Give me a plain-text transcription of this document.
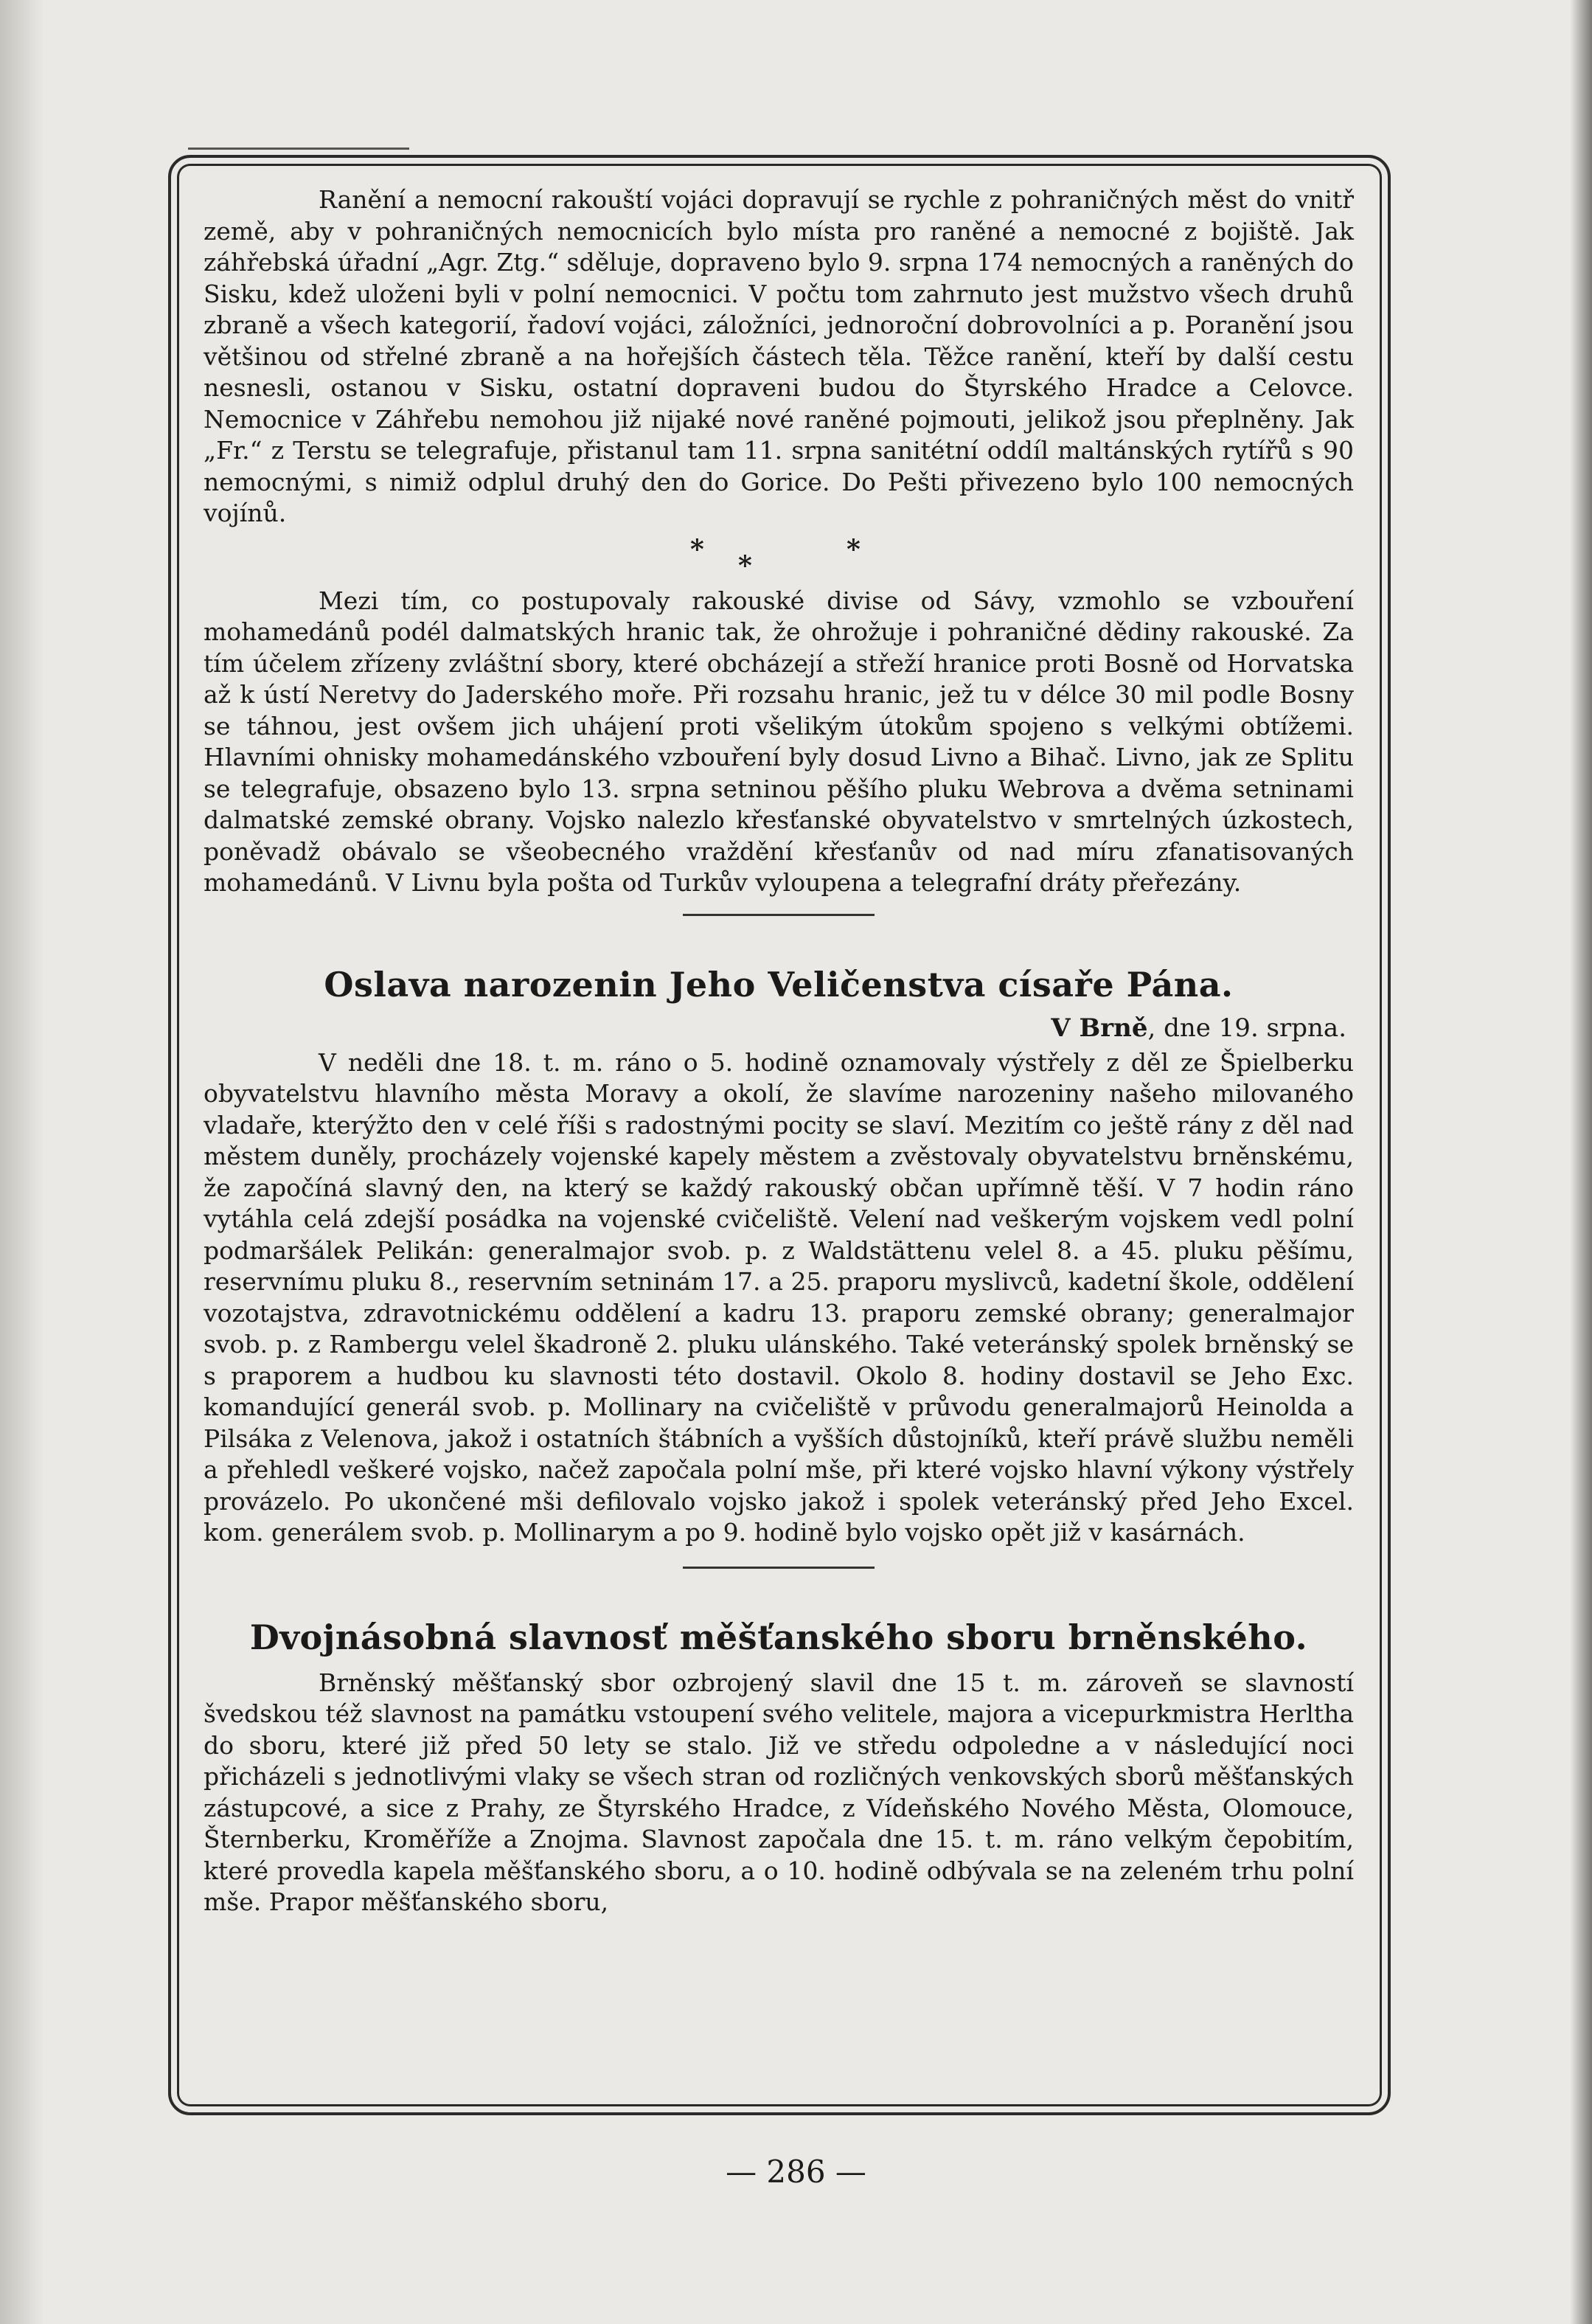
Ranění a nemocní rakouští vojáci dopravují se rychle z pohraničných měst do vnitř země, aby v pohraničných nemocnicích bylo místa pro raněné a nemocné z bojiště. Jak záhřebská úřadní „Agr. Ztg.“ sděluje, dopraveno bylo 9. srpna 174 nemocných a raněných do Sisku, kdež uloženi byli v polní nemocnici. V počtu tom zahrnuto jest mužstvo všech druhů zbraně a všech kategorií, řadoví vojáci, záložníci, jednoroční dobrovolníci a p. Poranění jsou většinou od střelné zbraně a na hořejších částech těla. Těžce ranění, kteří by další cestu nesnesli, ostanou v Sisku, ostatní dopraveni budou do Štyrského Hradce a Celovce. Nemocnice v Záhřebu nemohou již nijaké nové raněné pojmouti, jelikož jsou přeplněny. Jak „Fr.“ z Terstu se telegrafuje, přistanul tam 11. srpna sanitétní oddíl maltánských rytířů s 90 nemocnými, s nimiž odplul druhý den do Gorice. Do Pešti přivezeno bylo 100 nemocných vojínů.

*
*
*

Mezi tím, co postupovaly rakouské divise od Sávy, vzmohlo se vzbouření mohamedánů podél dalmatských hranic tak, že ohrožuje i pohraničné dědiny rakouské. Za tím účelem zřízeny zvláštní sbory, které obcházejí a střeží hranice proti Bosně od Horvatska až k ústí Neretvy do Jaderského moře. Při rozsahu hranic, jež tu v délce 30 mil podle Bosny se táhnou, jest ovšem jich uhájení proti všelikým útokům spojeno s velkými obtížemi. Hlavními ohnisky mohamedánského vzbouření byly dosud Livno a Bihač. Livno, jak ze Splitu se telegrafuje, obsazeno bylo 13. srpna setninou pěšího pluku Webrova a dvěma setninami dalmatské zemské obrany. Vojsko nalezlo křesťanské obyvatelstvo v smrtelných úzkostech, poněvadž obávalo se všeobecného vraždění křesťanův od nad míru zfanatisovaných mohamedánů. V Livnu byla pošta od Turkův vyloupena a telegrafní dráty přeřezány.

Oslava narozenin Jeho Veličenstva císaře Pána.

V Brně, dne 19. srpna.

V neděli dne 18. t. m. ráno o 5. hodině oznamovaly výstřely z děl ze Špielberku obyvatelstvu hlavního města Moravy a okolí, že slavíme narozeniny našeho milovaného vladaře, kterýžto den v celé říši s radostnými pocity se slaví. Mezitím co ještě rány z děl nad městem duněly, procházely vojenské kapely městem a zvěstovaly obyvatelstvu brněnskému, že započíná slavný den, na který se každý rakouský občan upřímně těší. V 7 hodin ráno vytáhla celá zdejší posádka na vojenské cvičeliště. Velení nad veškerým vojskem vedl polní podmaršálek Pelikán: generalmajor svob. p. z Waldstättenu velel 8. a 45. pluku pěšímu, reservnímu pluku 8., reservním setninám 17. a 25. praporu myslivců, kadetní škole, oddělení vozotajstva, zdravotnickému oddělení a kadru 13. praporu zemské obrany; generalmajor svob. p. z Rambergu velel škadroně 2. pluku ulánského. Také veteránský spolek brněnský se s praporem a hudbou ku slavnosti této dostavil. Okolo 8. hodiny dostavil se Jeho Exc. komandující generál svob. p. Mollinary na cvičeliště v průvodu generalmajorů Heinolda a Pilsáka z Velenova, jakož i ostatních štábních a vyšších důstojníků, kteří právě službu neměli a přehledl veškeré vojsko, načež započala polní mše, při které vojsko hlavní výkony výstřely provázelo. Po ukončené mši defilovalo vojsko jakož i spolek veteránský před Jeho Excel. kom. generálem svob. p. Mollinarym a po 9. hodině bylo vojsko opět již v kasárnách.

Dvojnásobná slavnosť měšťanského sboru brněnského.

Brněnský měšťanský sbor ozbrojený slavil dne 15 t. m. zároveň se slavností švedskou též slavnost na památku vstoupení svého velitele, majora a vicepurkmistra Herltha do sboru, které již před 50 lety se stalo. Již ve středu odpoledne a v následující noci přicházeli s jednotlivými vlaky se všech stran od rozličných venkovských sborů měšťanských zástupcové, a sice z Prahy, ze Štyrského Hradce, z Vídeňského Nového Města, Olomouce, Šternberku, Kroměříže a Znojma. Slavnost započala dne 15. t. m. ráno velkým čepobitím, které provedla kapela měšťanského sboru, a o 10. hodině odbývala se na zeleném trhu polní mše. Prapor měšťanského sboru,

— 286 —
